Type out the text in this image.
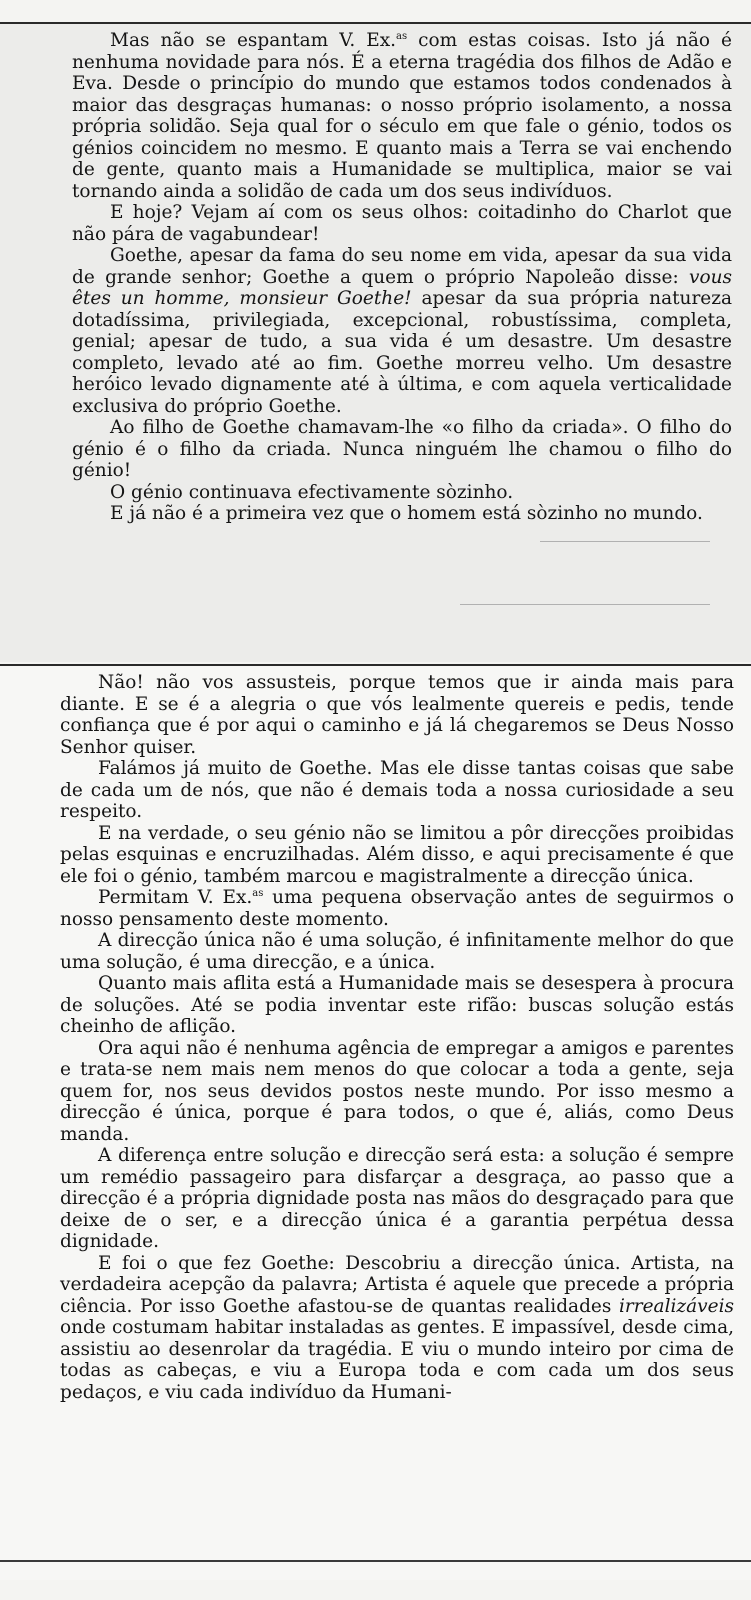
Mas não se espantam V. Ex.$^{as}$ com estas coisas. Isto já não é nenhuma novidade para nós. É a eterna tragédia dos filhos de Adão e Eva. Desde o princípio do mundo que estamos todos condenados à maior das desgraças humanas: o nosso próprio isolamento, a nossa própria solidão. Seja qual for o século em que fale o génio, todos os génios coincidem no mesmo. E quanto mais a Terra se vai enchendo de gente, quanto mais a Humanidade se multiplica, maior se vai tornando ainda a solidão de cada um dos seus indivíduos.

E hoje? Vejam aí com os seus olhos: coitadinho do Charlot que não pára de vagabundear!

Goethe, apesar da fama do seu nome em vida, apesar da sua vida de grande senhor; Goethe a quem o próprio Napoleão disse: vous êtes un homme, monsieur Goethe! apesar da sua própria natureza dotadíssima, privilegiada, excepcional, robustíssima, completa, genial; apesar de tudo, a sua vida é um desastre. Um desastre completo, levado até ao fim. Goethe morreu velho. Um desastre heróico levado dignamente até à última, e com aquela verticalidade exclusiva do próprio Goethe.

Ao filho de Goethe chamavam-lhe «o filho da criada». O filho do génio é o filho da criada. Nunca ninguém lhe chamou o filho do génio!

O génio continuava efectivamente sòzinho.

E já não é a primeira vez que o homem está sòzinho no mundo.

Não! não vos assusteis, porque temos que ir ainda mais para diante. E se é a alegria o que vós lealmente quereis e pedis, tende confiança que é por aqui o caminho e já lá chegaremos se Deus Nosso Senhor quiser.

Falámos já muito de Goethe. Mas ele disse tantas coisas que sabe de cada um de nós, que não é demais toda a nossa curiosidade a seu respeito.

E na verdade, o seu génio não se limitou a pôr direcções proibidas pelas esquinas e encruzilhadas. Além disso, e aqui precisamente é que ele foi o génio, também marcou e magistralmente a direcção única.

Permitam V. Ex.$^{as}$ uma pequena observação antes de seguirmos o nosso pensamento deste momento.

A direcção única não é uma solução, é infinitamente melhor do que uma solução, é uma direcção, e a única.

Quanto mais aflita está a Humanidade mais se desespera à procura de soluções. Até se podia inventar este rifão: buscas solução estás cheinho de aflição.

Ora aqui não é nenhuma agência de empregar a amigos e parentes e trata-se nem mais nem menos do que colocar a toda a gente, seja quem for, nos seus devidos postos neste mundo. Por isso mesmo a direcção é única, porque é para todos, o que é, aliás, como Deus manda.

A diferença entre solução e direcção será esta: a solução é sempre um remédio passageiro para disfarçar a desgraça, ao passo que a direcção é a própria dignidade posta nas mãos do desgraçado para que deixe de o ser, e a direcção única é a garantia perpétua dessa dignidade.

E foi o que fez Goethe: Descobriu a direcção única. Artista, na verdadeira acepção da palavra; Artista é aquele que precede a própria ciência. Por isso Goethe afastou-se de quantas realidades irrealizáveis onde costumam habitar instaladas as gentes. E impassível, desde cima, assistiu ao desenrolar da tragédia. E viu o mundo inteiro por cima de todas as cabeças, e viu a Europa toda e com cada um dos seus pedaços, e viu cada indivíduo da Humani-
